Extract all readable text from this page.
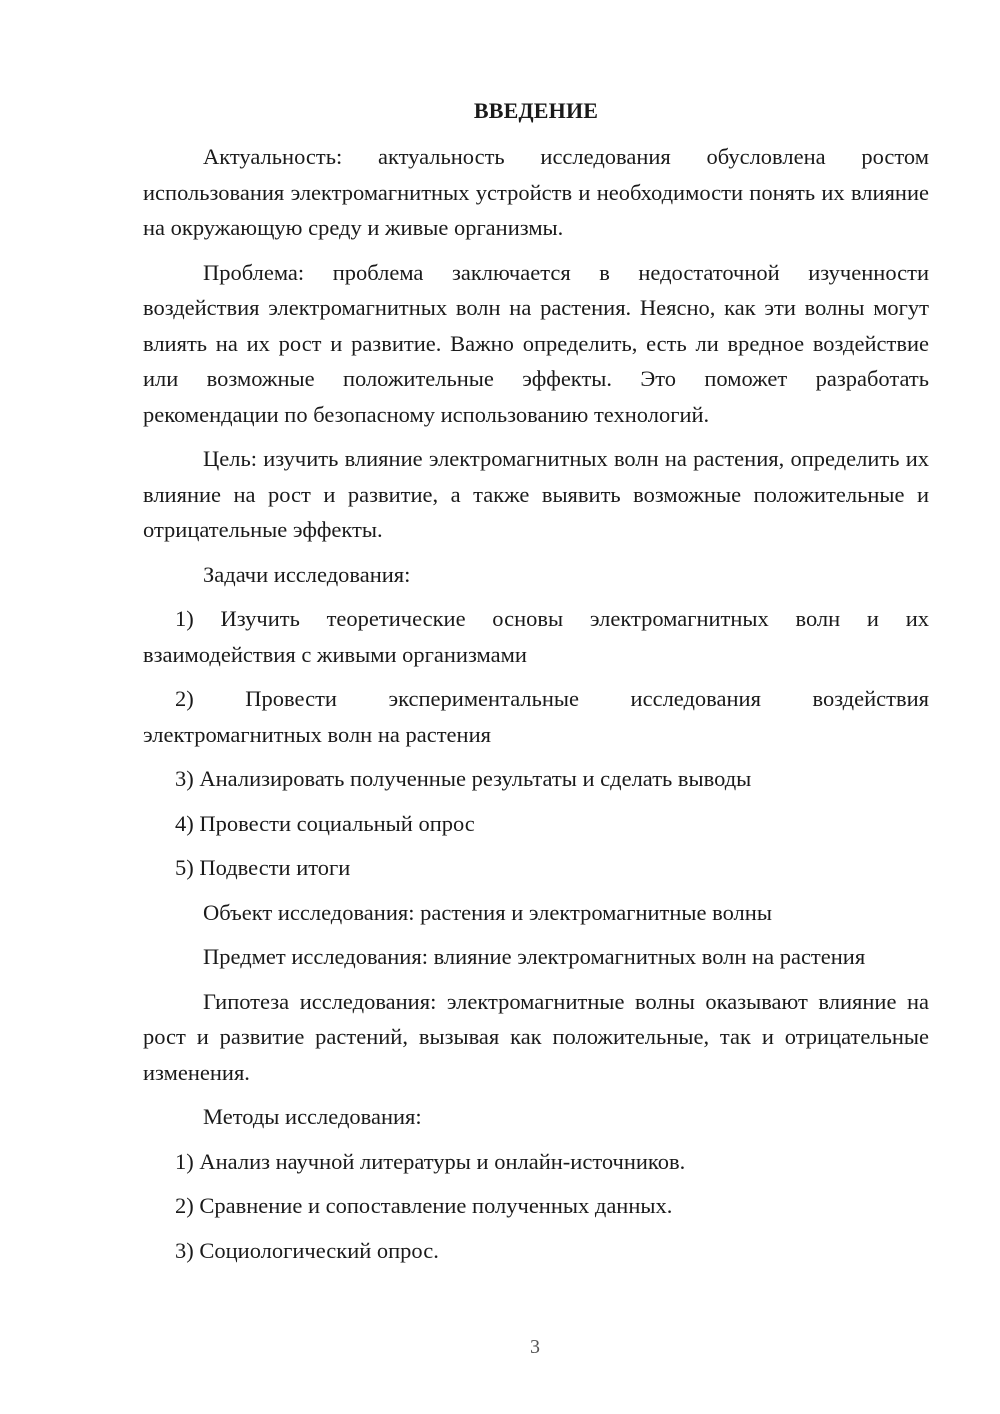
ВВЕДЕНИЕ
Актуальность: актуальность исследования обусловлена ростом использования электромагнитных устройств и необходимости понять их влияние на окружающую среду и живые организмы.
Проблема: проблема заключается в недостаточной изученности воздействия электромагнитных волн на растения. Неясно, как эти волны могут влиять на их рост и развитие. Важно определить, есть ли вредное воздействие или возможные положительные эффекты. Это поможет разработать рекомендации по безопасному использованию технологий.
Цель: изучить влияние электромагнитных волн на растения, определить их влияние на рост и развитие, а также выявить возможные положительные и отрицательные эффекты.
Задачи исследования:
1) Изучить теоретические основы электромагнитных волн и их взаимодействия с живыми организмами
2) Провести экспериментальные исследования воздействия электромагнитных волн на растения
3) Анализировать полученные результаты и сделать выводы
4) Провести социальный опрос
5) Подвести итоги
Объект исследования: растения и электромагнитные волны
Предмет исследования: влияние электромагнитных волн на растения
Гипотеза исследования: электромагнитные волны оказывают влияние на рост и развитие растений, вызывая как положительные, так и отрицательные изменения.
Методы исследования:
1) Анализ научной литературы и онлайн-источников.
2) Сравнение и сопоставление полученных данных.
3) Социологический опрос.
3
